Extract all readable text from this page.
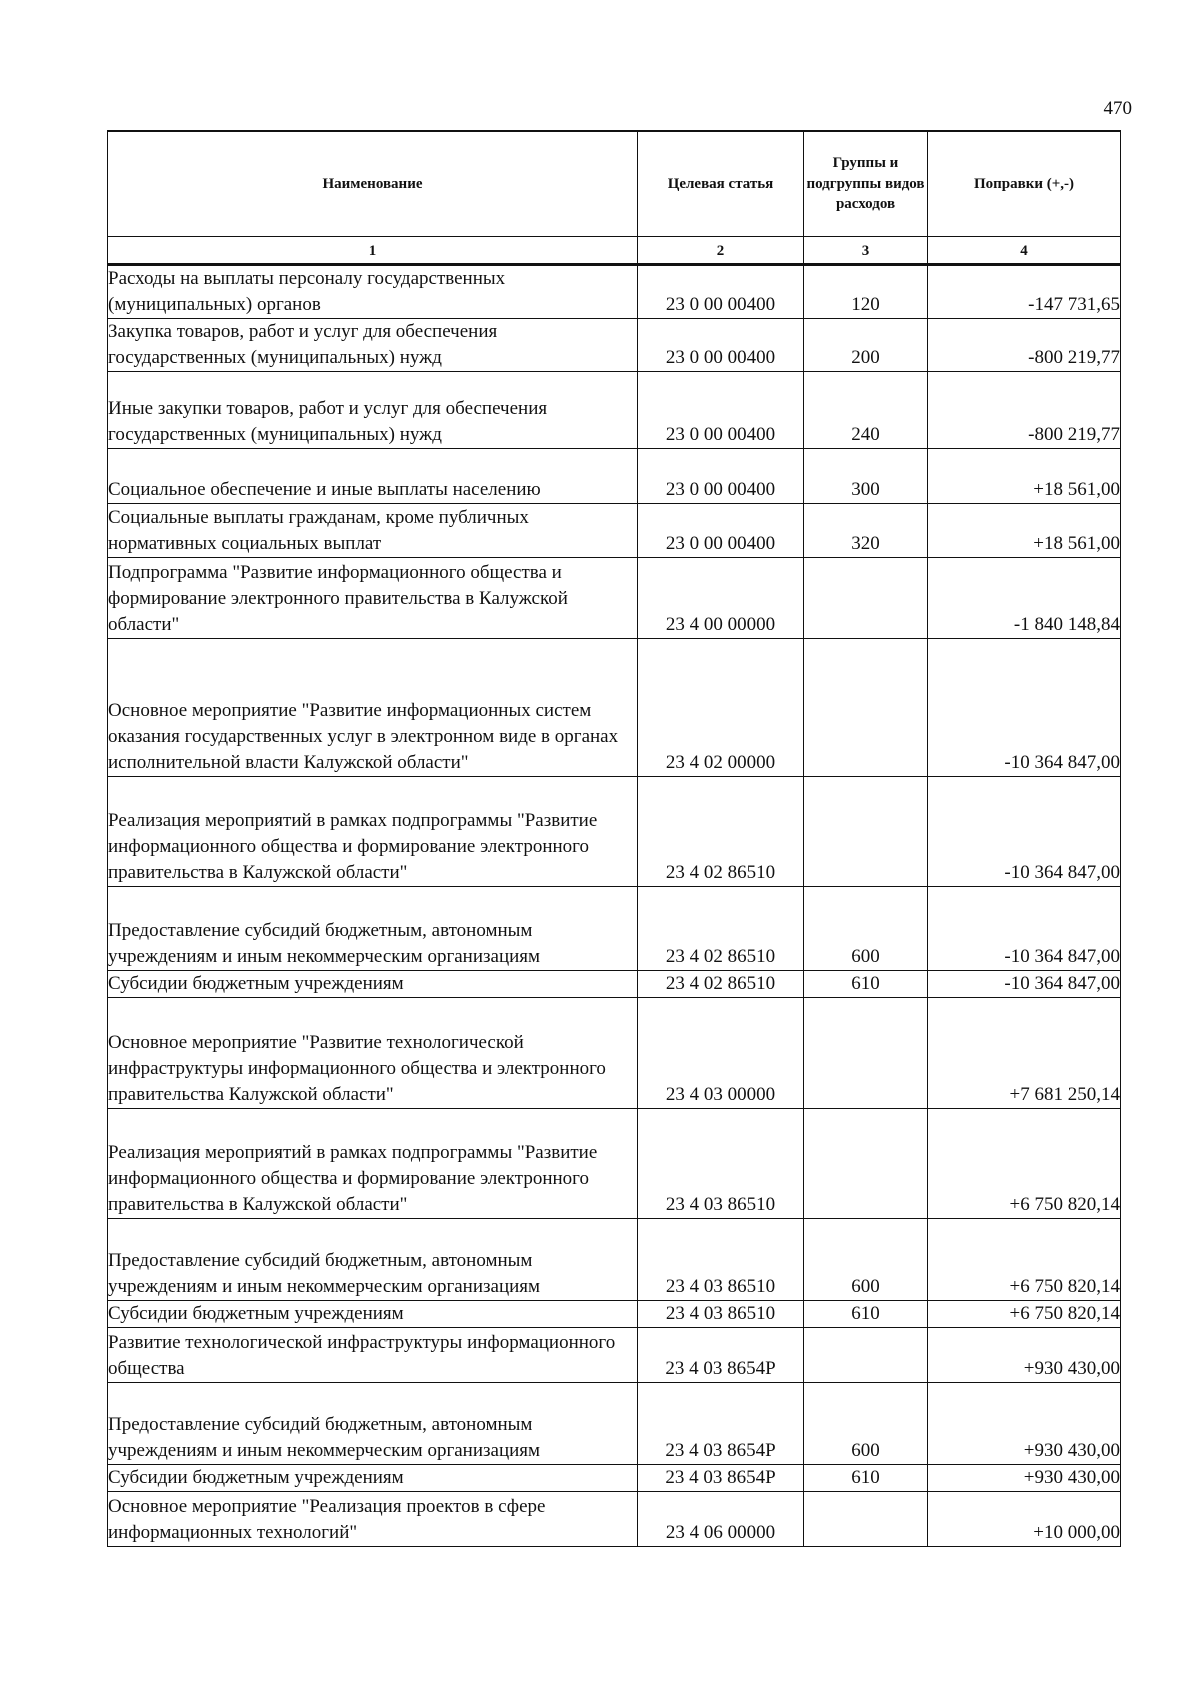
470
Наименование	Целевая статья	Группы и подгруппы видов расходов	Поправки (+,-)
1	2	3	4
Расходы на выплаты персоналу государственных (муниципальных) органов	23 0 00 00400	120	-147 731,65
Закупка товаров, работ и услуг для обеспечения государственных (муниципальных) нужд	23 0 00 00400	200	-800 219,77
Иные закупки товаров, работ и услуг для обеспечения государственных (муниципальных) нужд	23 0 00 00400	240	-800 219,77
Социальное обеспечение и иные выплаты населению	23 0 00 00400	300	+18 561,00
Социальные выплаты гражданам, кроме публичных нормативных социальных выплат	23 0 00 00400	320	+18 561,00
Подпрограмма "Развитие информационного общества и формирование электронного правительства в Калужской области"	23 4 00 00000		-1 840 148,84
Основное мероприятие "Развитие информационных систем оказания государственных услуг в электронном виде в органах исполнительной власти Калужской области"	23 4 02 00000		-10 364 847,00
Реализация мероприятий в рамках подпрограммы "Развитие информационного общества и формирование электронного правительства в Калужской области"	23 4 02 86510		-10 364 847,00
Предоставление субсидий бюджетным, автономным учреждениям и иным некоммерческим организациям	23 4 02 86510	600	-10 364 847,00
Субсидии бюджетным учреждениям	23 4 02 86510	610	-10 364 847,00
Основное мероприятие "Развитие технологической инфраструктуры информационного общества и электронного правительства Калужской области"	23 4 03 00000		+7 681 250,14
Реализация мероприятий в рамках подпрограммы "Развитие информационного общества и формирование электронного правительства в Калужской области"	23 4 03 86510		+6 750 820,14
Предоставление субсидий бюджетным, автономным учреждениям и иным некоммерческим организациям	23 4 03 86510	600	+6 750 820,14
Субсидии бюджетным учреждениям	23 4 03 86510	610	+6 750 820,14
Развитие технологической инфраструктуры информационного общества	23 4 03 8654Р		+930 430,00
Предоставление субсидий бюджетным, автономным учреждениям и иным некоммерческим организациям	23 4 03 8654Р	600	+930 430,00
Субсидии бюджетным учреждениям	23 4 03 8654Р	610	+930 430,00
Основное мероприятие "Реализация проектов в сфере информационных технологий"	23 4 06 00000		+10 000,00
